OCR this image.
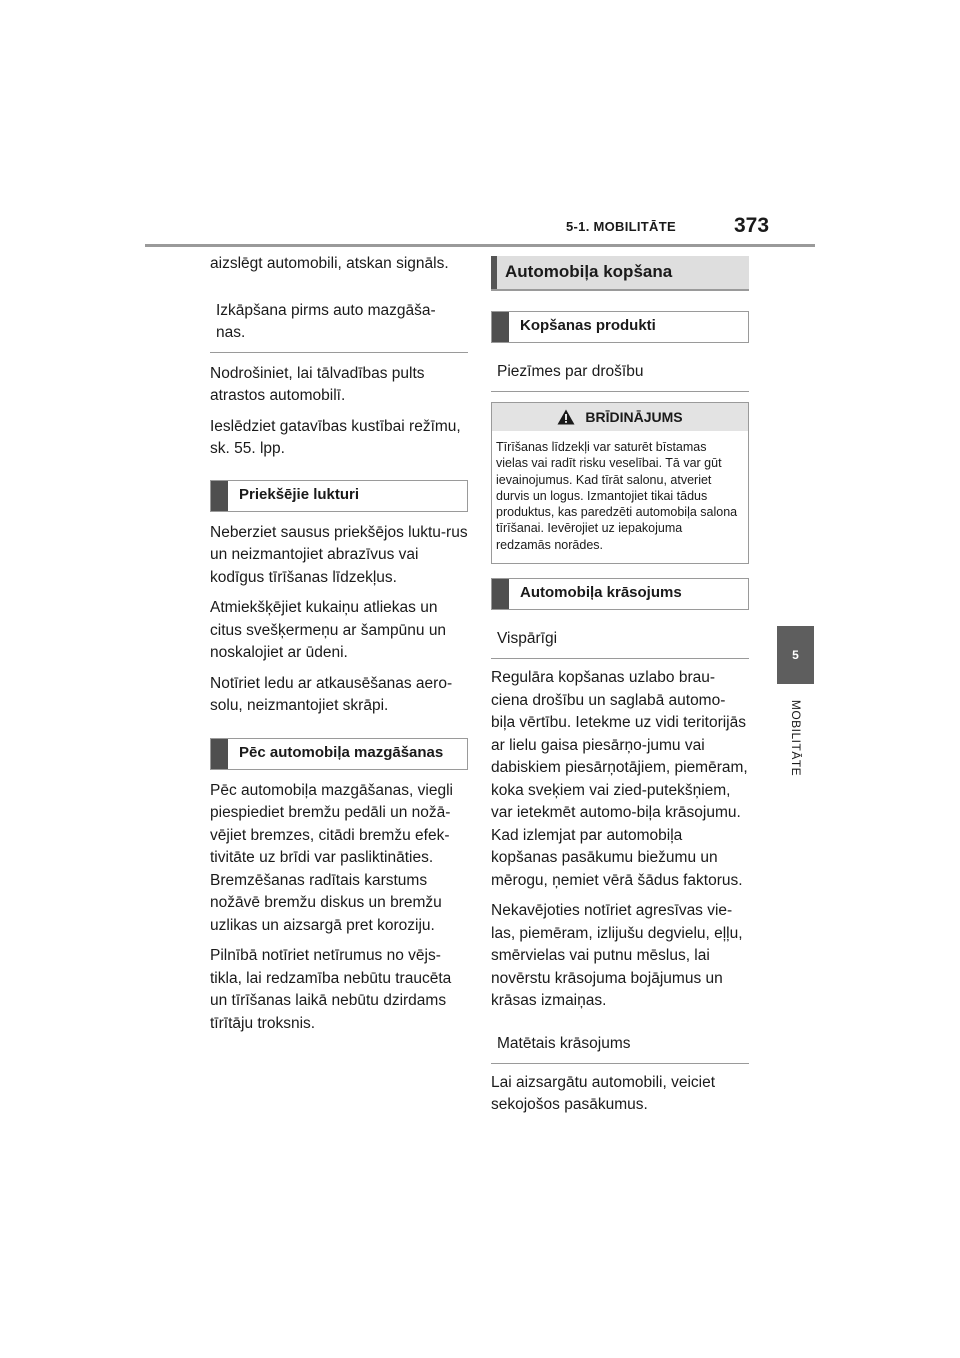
5-1. MOBILITĀTE	373
5
MOBILITĀTE

aizslēgt automobili, atskan signāls.

Izkāpšana pirms auto mazgāša-
nas.

Nodrošiniet, lai tālvadības pults atrastos automobilī.

Ieslēdziet gatavības kustībai režīmu, sk. 55. lpp.

Priekšējie lukturi

Neberziet sausus priekšējos luktu-rus un neizmantojiet abrazīvus vai kodīgus tīrīšanas līdzekļus.

Atmiekšķējiet kukaiņu atliekas un citus svešķermeņu ar šampūnu un noskalojiet ar ūdeni.

Notīriet ledu ar atkausēšanas aero-solu, neizmantojiet skrāpi.

Pēc automobiļa mazgāšanas

Pēc automobiļa mazgāšanas, viegli piespiediet bremžu pedāli un nožā-vējiet bremzes, citādi bremžu efek-tivitāte uz brīdi var pasliktināties. Bremzēšanas radītais karstums nožāvē bremžu diskus un bremžu uzlikas un aizsargā pret koroziju.

Pilnībā notīriet netīrumus no vējs-tikla, lai redzamība nebūtu traucēta un tīrīšanas laikā nebūtu dzirdams tīrītāju troksnis.

Automobiļa kopšana
Kopšanas produkti
Piezīmes par drošību
BRĪDINĀJUMS
Tīrīšanas līdzekļi var saturēt bīstamas vielas vai radīt risku veselībai. Tā var gūt ievainojumus. Kad tīrāt salonu, atveriet durvis un logus. Izmantojiet tikai tādus produktus, kas paredzēti automobiļa salona tīrīšanai. Ievērojiet uz iepakojuma redzamās norādes.
Automobiļa krāsojums
Vispārīgi

Regulāra kopšanas uzlabo brau-ciena drošību un saglabā automo-biļa vērtību. Ietekme uz vidi teritorijās ar lielu gaisa piesārņo-jumu vai dabiskiem piesārņotājiem, piemēram, koka sveķiem vai zied-putekšņiem, var ietekmēt automo-biļa krāsojumu. Kad izlemjat par automobiļa kopšanas pasākumu biežumu un mērogu, ņemiet vērā šādus faktorus.

Nekavējoties notīriet agresīvas vie-las, piemēram, izlijušu degvielu, eļļu, smērvielas vai putnu mēslus, lai novērstu krāsojuma bojājumus un krāsas izmaiņas.

Matētais krāsojums

Lai aizsargātu automobili, veiciet sekojošos pasākumus.
